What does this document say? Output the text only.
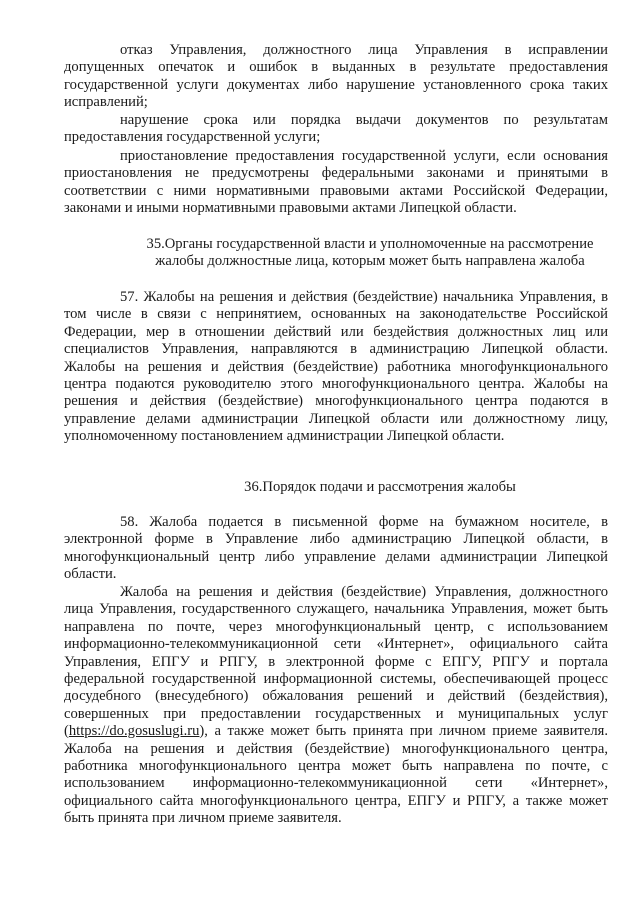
отказ Управления, должностного лица Управления в исправлении допущенных опечаток и ошибок в выданных в результате предоставления государственной услуги документах либо нарушение установленного срока таких исправлений;

нарушение срока или порядка выдачи документов по результатам предоставления государственной услуги;

приостановление предоставления государственной услуги, если основания приостановления не предусмотрены федеральными законами и принятыми в соответствии с ними нормативными правовыми актами Российской Федерации, законами и иными нормативными правовыми актами Липецкой области.

35.Органы государственной власти и уполномоченные на рассмотрение
жалобы должностные лица, которым может быть направлена жалоба

57. Жалобы на решения и действия (бездействие) начальника Управления, в том числе в связи с непринятием, основанных на законодательстве Российской Федерации, мер в отношении действий или бездействия должностных лиц или специалистов Управления, направляются в администрацию Липецкой области. Жалобы на решения и действия (бездействие) работника многофункционального центра подаются руководителю этого многофункционального центра. Жалобы на решения и действия (бездействие) многофункционального центра подаются в управление делами администрации Липецкой области или должностному лицу, уполномоченному постановлением администрации Липецкой области.

36.Порядок подачи и рассмотрения жалобы

58. Жалоба подается в письменной форме на бумажном носителе, в электронной форме в Управление либо администрацию Липецкой области, в многофункциональный центр либо управление делами администрации Липецкой области.

Жалоба на решения и действия (бездействие) Управления, должностного лица Управления, государственного служащего, начальника Управления, может быть направлена по почте, через многофункциональный центр, с использованием информационно-телекоммуникационной сети «Интернет», официального сайта Управления, ЕПГУ и РПГУ, в электронной форме с ЕПГУ, РПГУ и портала федеральной государственной информационной системы, обеспечивающей процесс досудебного (внесудебного) обжалования решений и действий (бездействия), совершенных при предоставлении государственных и муниципальных услуг (https://do.gosuslugi.ru), а также может быть принята при личном приеме заявителя. Жалоба на решения и действия (бездействие) многофункционального центра, работника многофункционального центра может быть направлена по почте, с использованием информационно-телекоммуникационной сети «Интернет», официального сайта многофункционального центра, ЕПГУ и РПГУ, а также может быть принята при личном приеме заявителя.
